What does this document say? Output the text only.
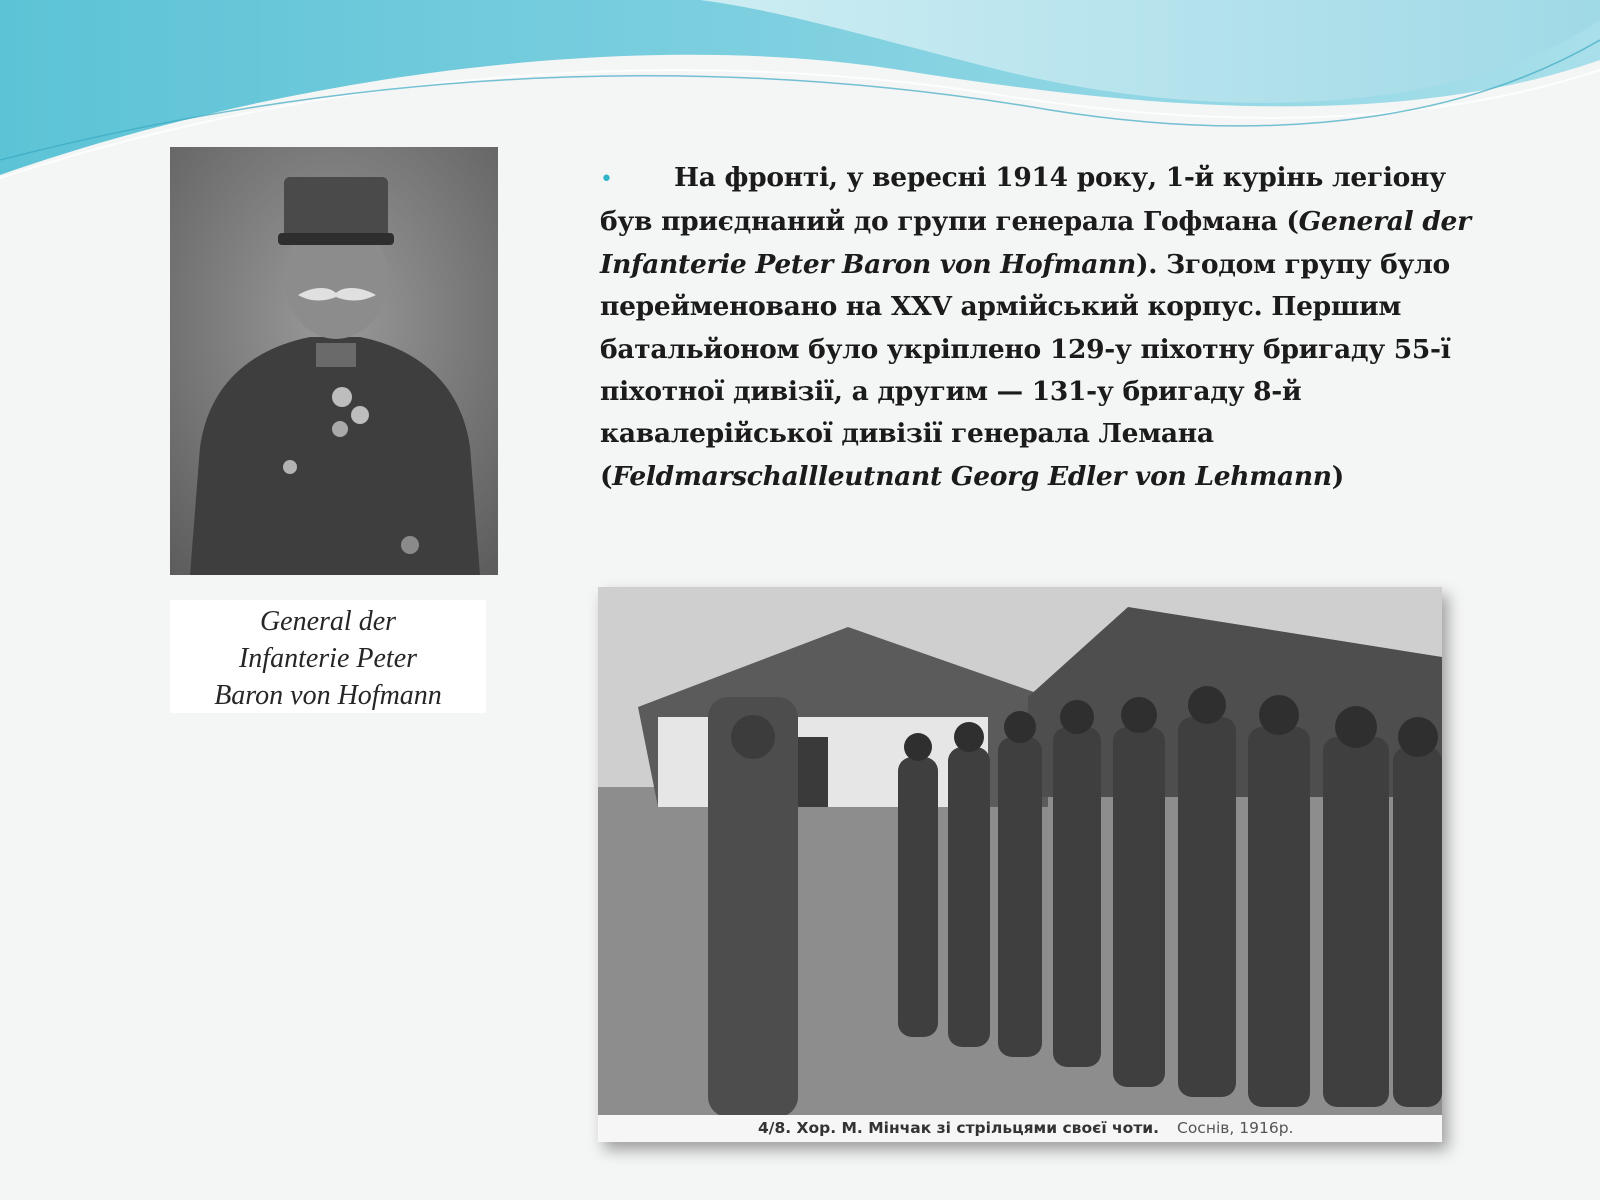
General der
Infanterie Peter
Baron von Hofmann
• На фронті, у вересні 1914 року, 1-й курінь легіону був приєднаний до групи генерала Гофмана (General der Infanterie Peter Baron von Hofmann). Згодом групу було перейменовано на XXV армійський корпус. Першим батальйоном було укріплено 129-у піхотну бригаду 55-ї піхотної дивізії, а другим — 131-у бригаду 8-й кавалерійської дивізії генерала Лемана (Feldmarschallleutnant Georg Edler von Lehmann)
4/8. Хор. М. Мінчак зі стрільцями своєї чоти. Соснів, 1916р.
